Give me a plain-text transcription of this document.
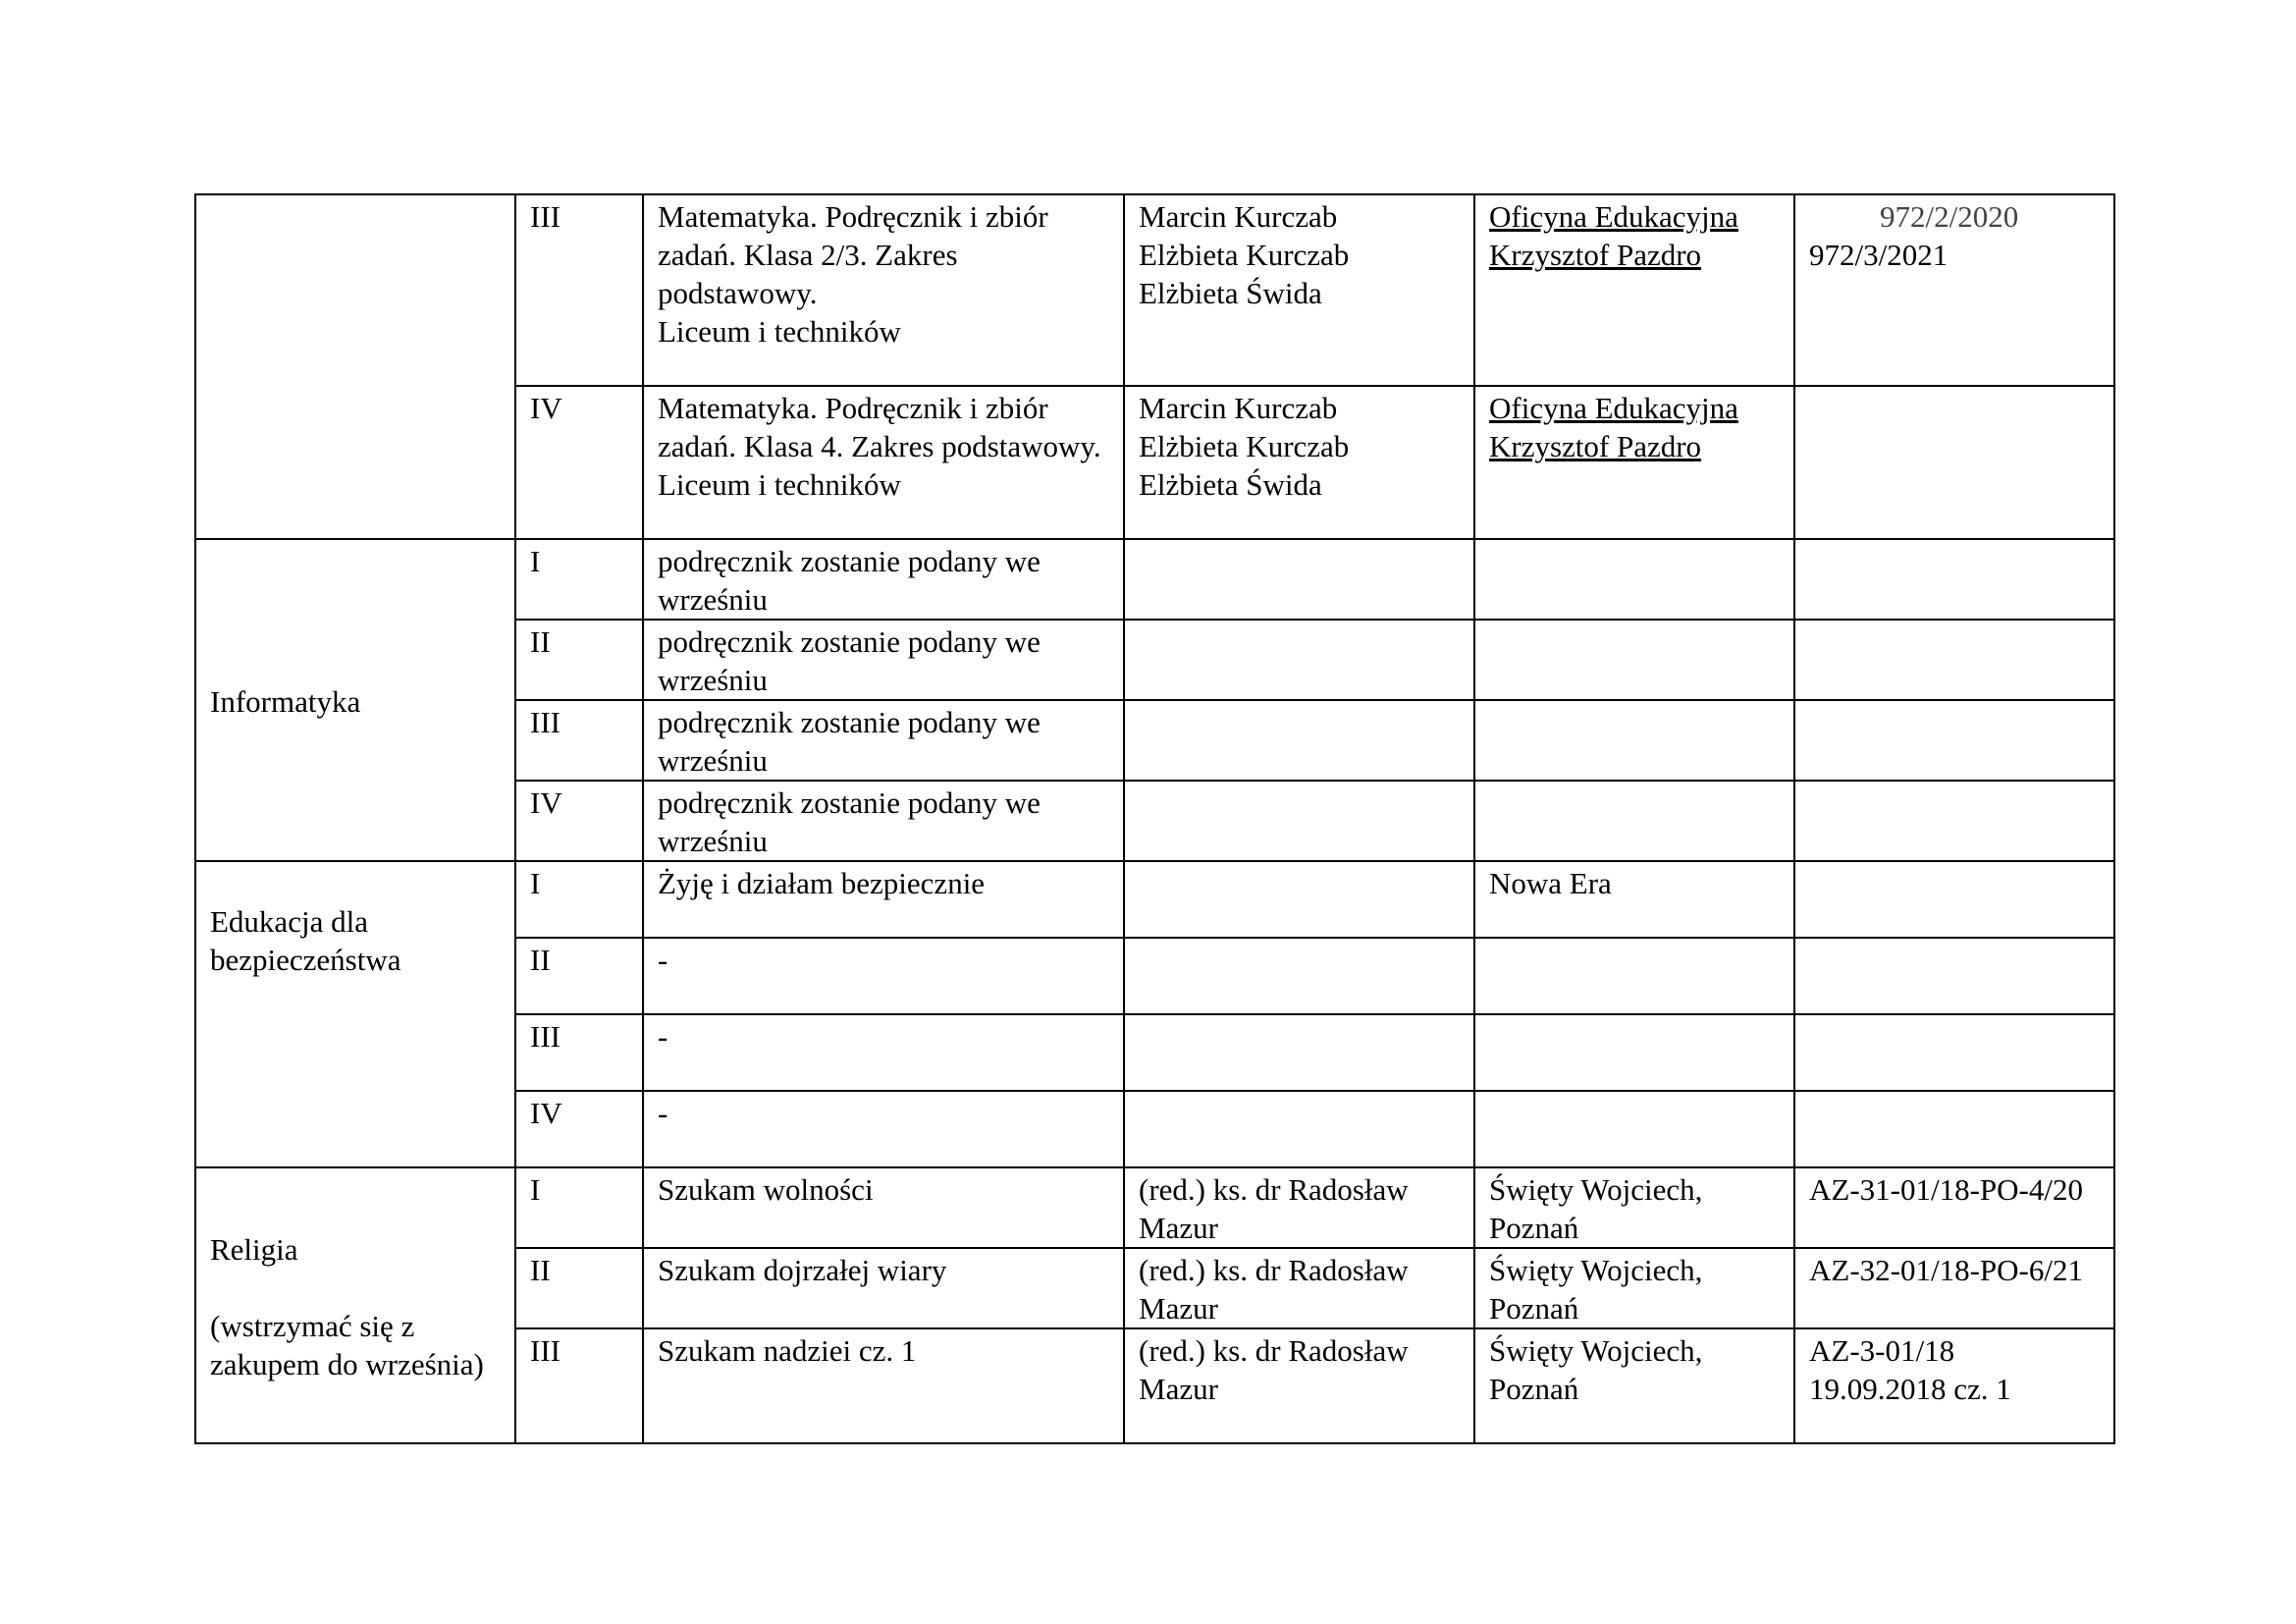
	III	Matematyka. Podręcznik i zbiór zadań. Klasa 2/3. Zakres podstawowy.
Liceum i techników	Marcin Kurczab
Elżbieta Kurczab
Elżbieta Świda	Oficyna Edukacyjna Krzysztof Pazdro	972/2/2020
972/3/2021

	IV	Matematyka. Podręcznik i zbiór zadań. Klasa 4. Zakres podstawowy.
Liceum i techników	Marcin Kurczab
Elżbieta Kurczab
Elżbieta Świda	Oficyna Edukacyjna Krzysztof Pazdro	
Informatyka	I	podręcznik zostanie podany we wrześniu			
	II	podręcznik zostanie podany we wrześniu			
	III	podręcznik zostanie podany we wrześniu			
	IV	podręcznik zostanie podany we wrześniu			

Edukacja dla bezpieczeństwa	I	Żyję i działam bezpiecznie		Nowa Era	
	II	-			
	III	-			
	IV	-			

Religia
(wstrzymać się z zakupem do września)	I	Szukam wolności	(red.) ks. dr Radosław Mazur	Święty Wojciech, Poznań	AZ-31-01/18-PO-4/20
	II	Szukam dojrzałej wiary	(red.) ks. dr Radosław Mazur	Święty Wojciech, Poznań	AZ-32-01/18-PO-6/21
	III	Szukam nadziei cz. 1	(red.) ks. dr Radosław Mazur	Święty Wojciech, Poznań	AZ-3-01/18
19.09.2018 cz. 1
